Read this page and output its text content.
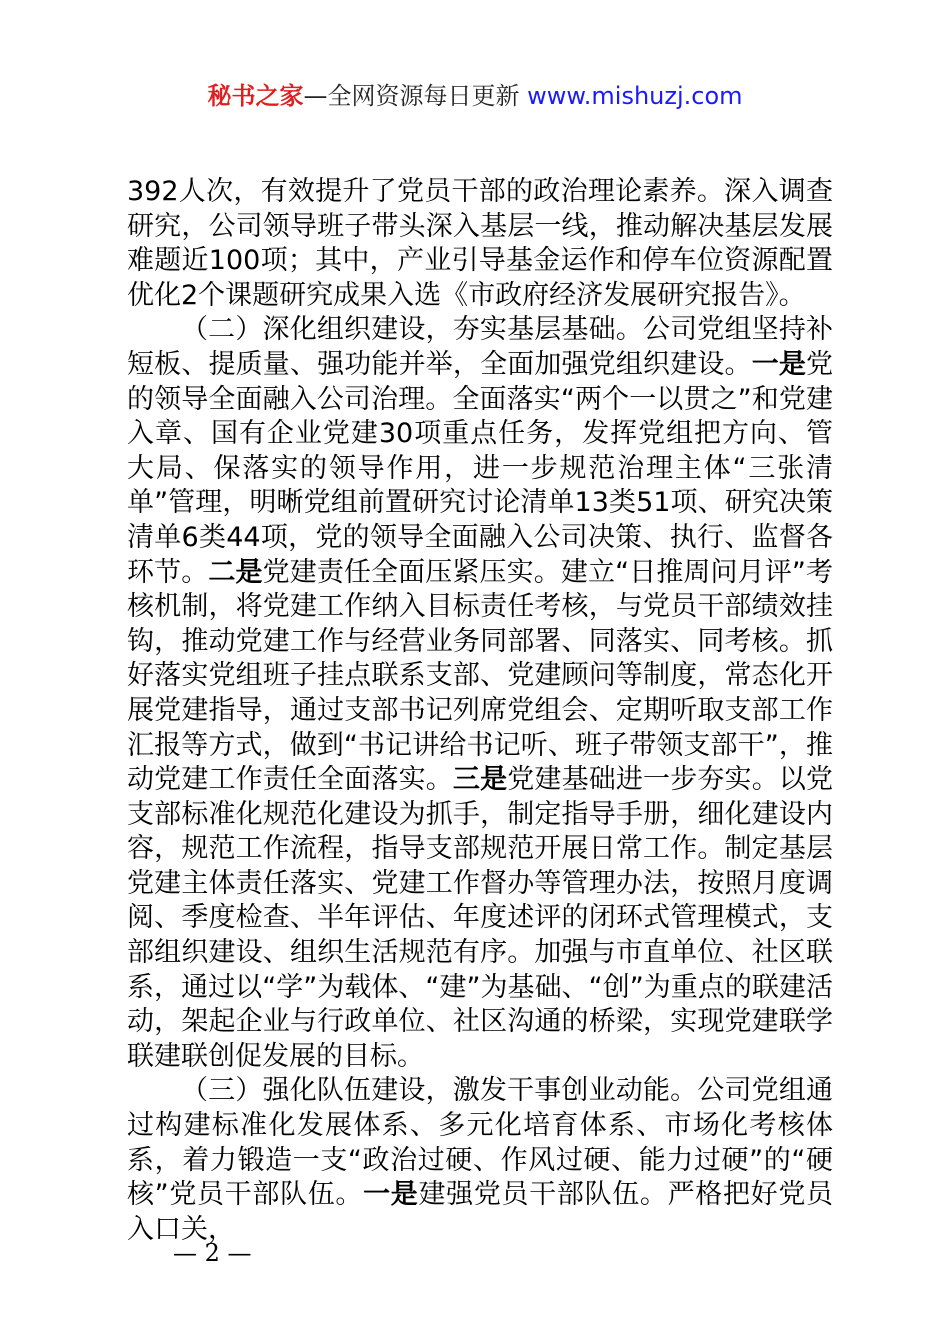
秘书之家—全网资源每日更新 www.mishuzj.com

392人次，有效提升了党员干部的政治理论素养。深入调查研究，公司领导班子带头深入基层一线，推动解决基层发展难题近100项；其中，产业引导基金运作和停车位资源配置优化2个课题研究成果入选《市政府经济发展研究报告》。

（二）深化组织建设，夯实基层基础。公司党组坚持补短板、提质量、强功能并举，全面加强党组织建设。一是党的领导全面融入公司治理。全面落实“两个一以贯之”和党建入章、国有企业党建30项重点任务，发挥党组把方向、管大局、保落实的领导作用，进一步规范治理主体“三张清单”管理，明晰党组前置研究讨论清单13类51项、研究决策清单6类44项，党的领导全面融入公司决策、执行、监督各环节。二是党建责任全面压紧压实。建立“日推周问月评”考核机制，将党建工作纳入目标责任考核，与党员干部绩效挂钩，推动党建工作与经营业务同部署、同落实、同考核。抓好落实党组班子挂点联系支部、党建顾问等制度，常态化开展党建指导，通过支部书记列席党组会、定期听取支部工作汇报等方式，做到“书记讲给书记听、班子带领支部干”，推动党建工作责任全面落实。三是党建基础进一步夯实。以党支部标准化规范化建设为抓手，制定指导手册，细化建设内容，规范工作流程，指导支部规范开展日常工作。制定基层党建主体责任落实、党建工作督办等管理办法，按照月度调阅、季度检查、半年评估、年度述评的闭环式管理模式，支部组织建设、组织生活规范有序。加强与市直单位、社区联系，通过以“学”为载体、“建”为基础、“创”为重点的联建活动，架起企业与行政单位、社区沟通的桥梁，实现党建联学联建联创促发展的目标。

（三）强化队伍建设，激发干事创业动能。公司党组通过构建标准化发展体系、多元化培育体系、市场化考核体系，着力锻造一支“政治过硬、作风过硬、能力过硬”的“硬核”党员干部队伍。一是建强党员干部队伍。严格把好党员入口关，

— 2 —
